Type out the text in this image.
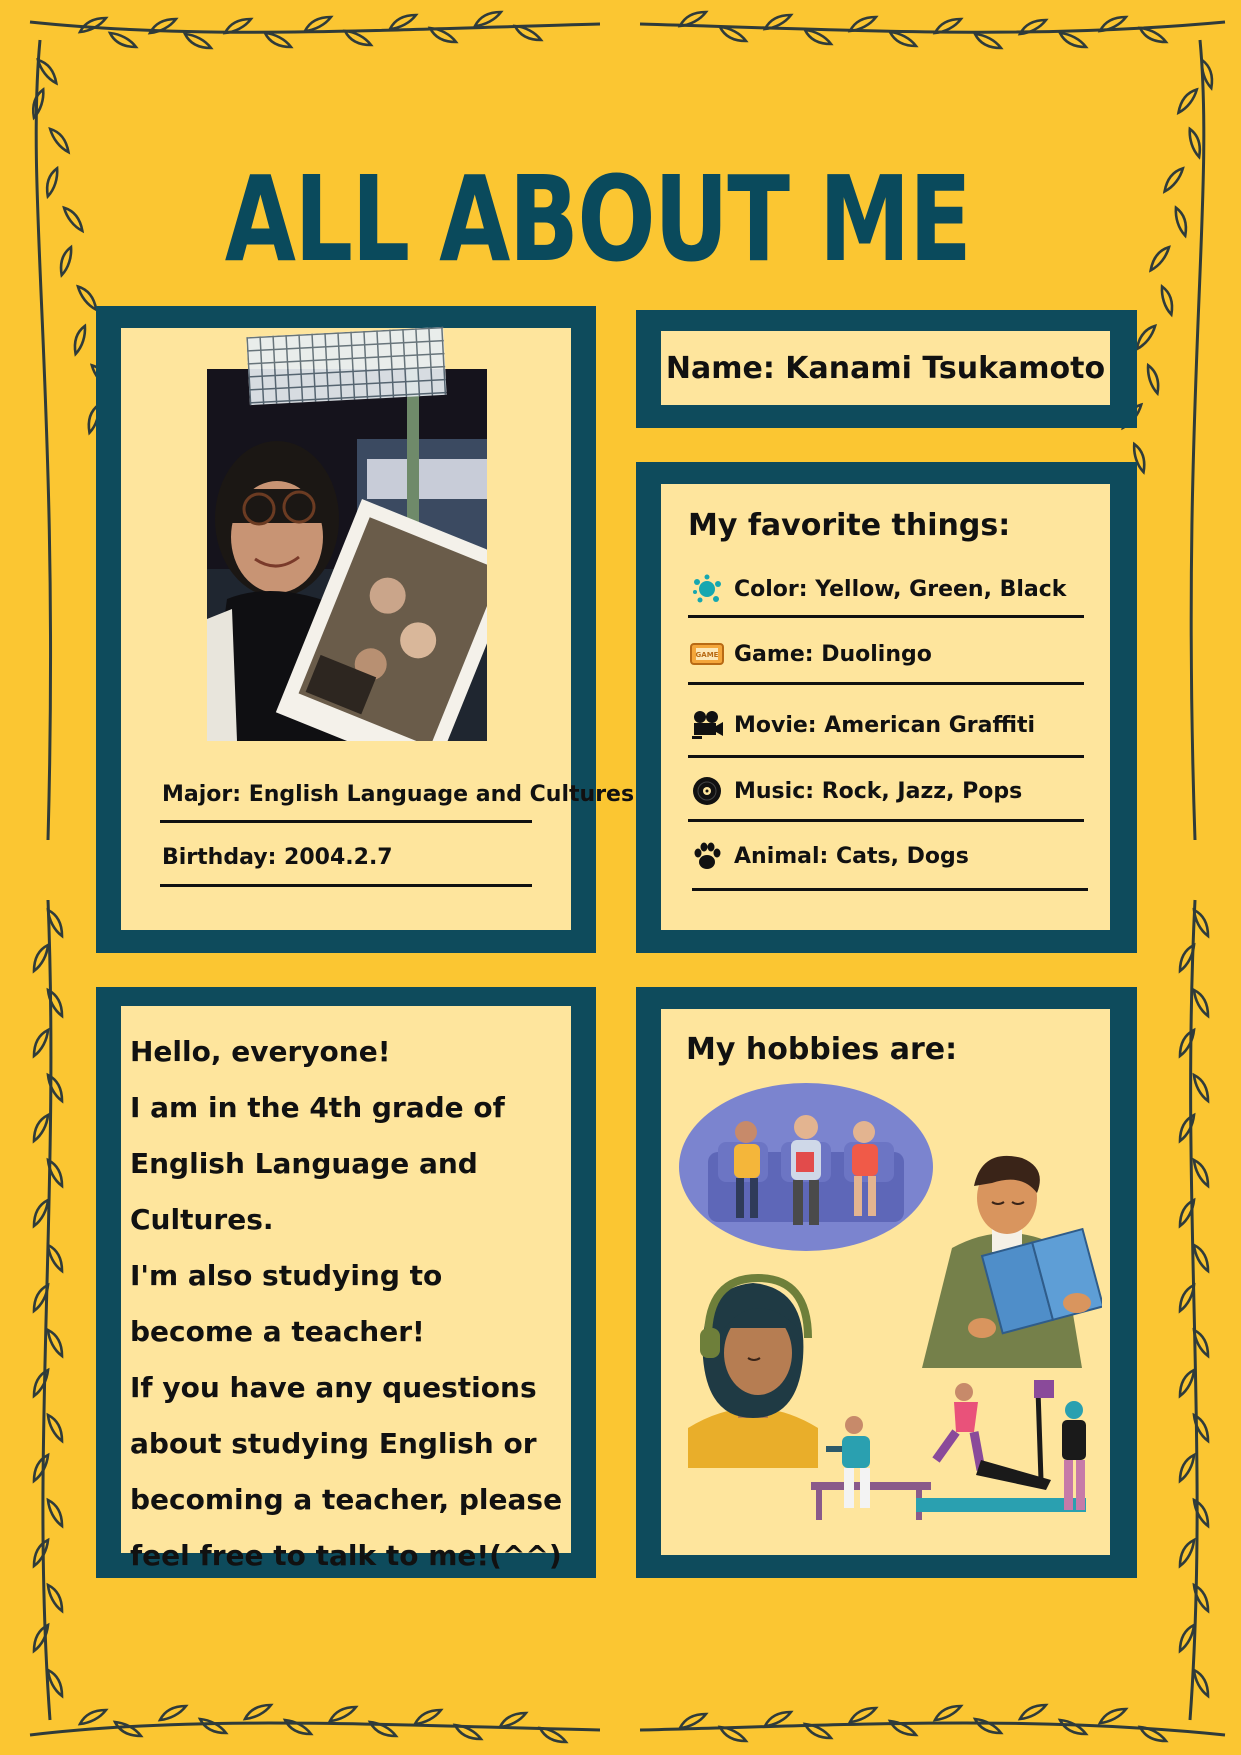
ALL ABOUT ME
Major: English Language and Cultures
Birthday: 2004.2.7
Name: Kanami Tsukamoto
My favorite things:
Color: Yellow, Green, Black
GAME Game: Duolingo
Movie: American Graffiti
Music: Rock, Jazz, Pops
Animal: Cats, Dogs

Hello, everyone!

I am in the 4th grade of English Language and Cultures.

I'm also studying to become a teacher!

If you have any questions about studying English or becoming a teacher, please feel free to talk to me!(^^)

My hobbies are:
